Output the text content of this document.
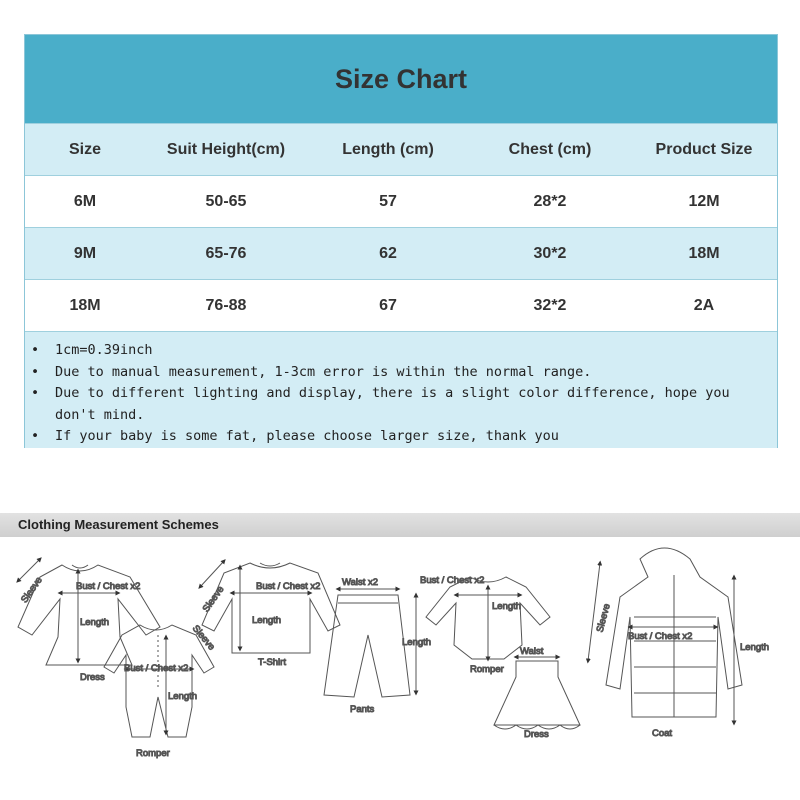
Size Chart
Size	Suit Height(cm)	Length (cm)	Chest (cm)	Product Size
6M	50-65	57	28*2	12M
9M	65-76	62	30*2	18M
18M	76-88	67	32*2	2A
• 1cm=0.39inch
• Due to manual measurement, 1-3cm error is within the normal range.
• Due to different lighting and display, there is a slight color difference, hope you don't mind.
• If your baby is some fat, please choose larger size, thank you
Clothing Measurement Schemes
Sleeve	Bust / Chest x2
Length
Dress
Bust / Chest x2
Length
Romper
Sleeve
Sleeve	Bust / Chest x2
Length
T-Shirt
Waist x2
Length
Pants
Bust / Chest x2
Length
Romper
Waist
Dress
Sleeve
Bust / Chest x2
Length
Coat
